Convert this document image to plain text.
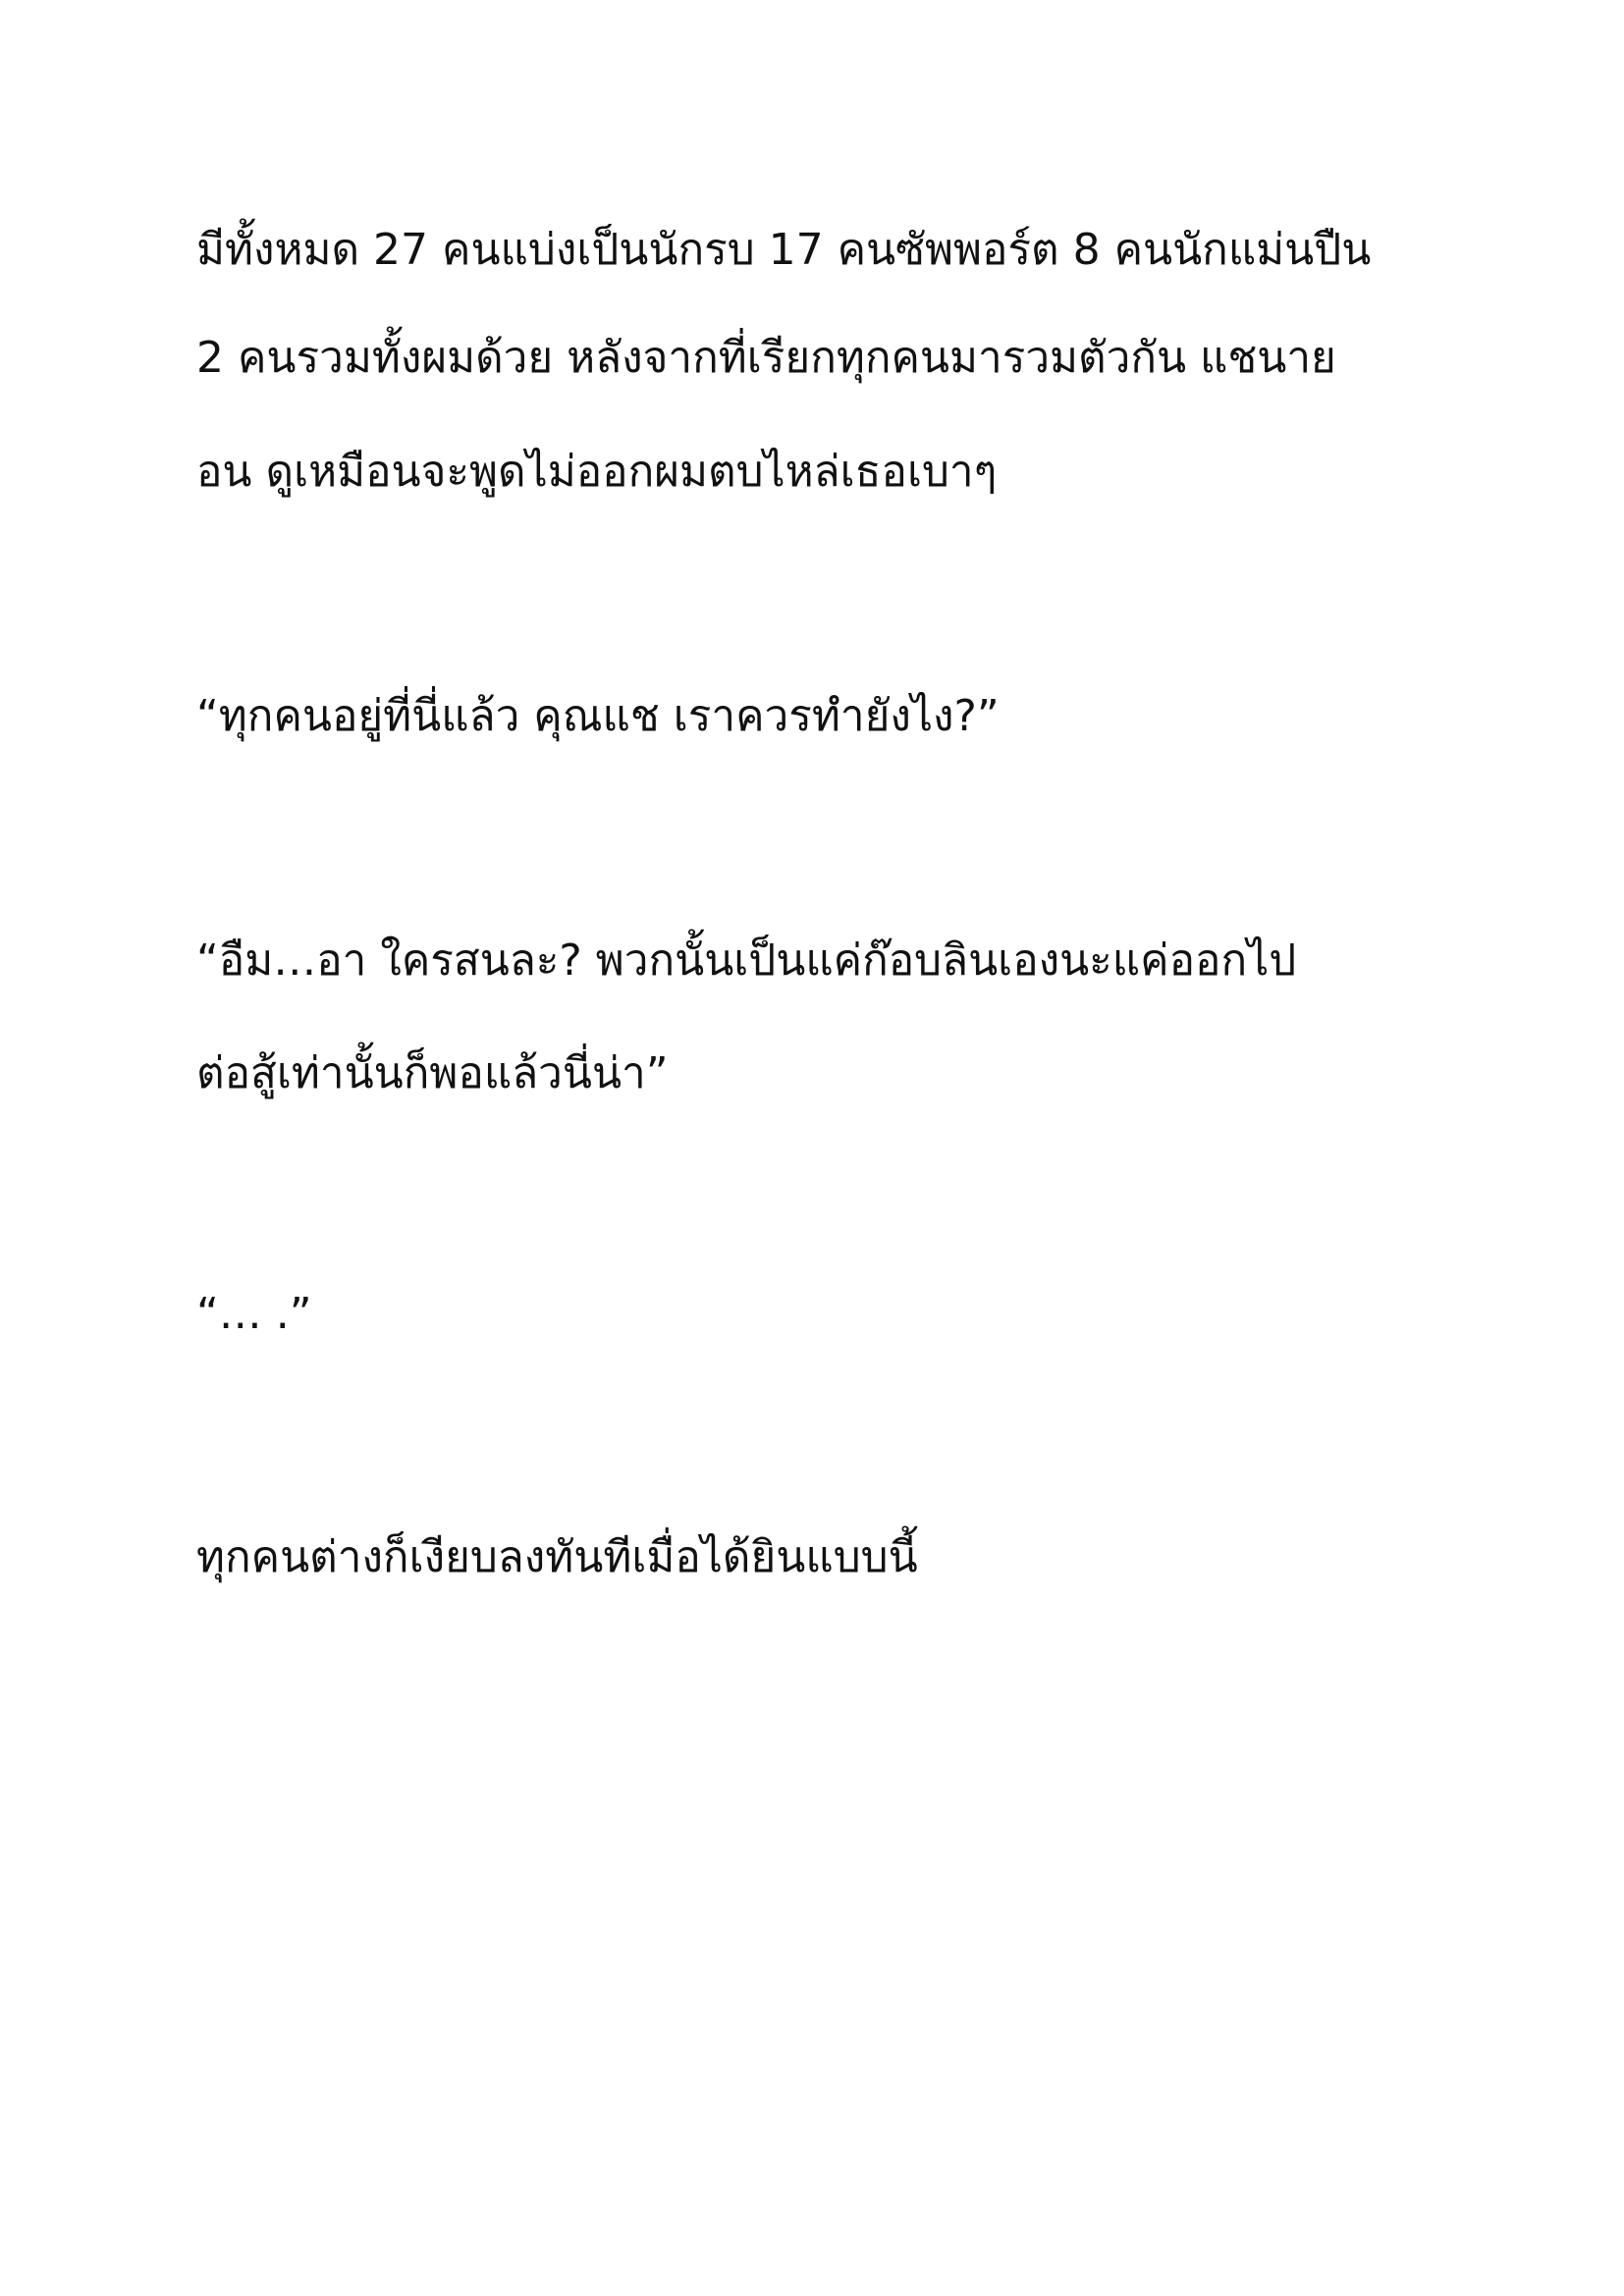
มีทั้งหมด 27 คนแบ่งเป็นนักรบ 17 คนซัพพอร์ต 8 คนนักแม่นปืน

2 คนรวมทั้งผมด้วย หลังจากที่เรียกทุกคนมารวมตัวกัน แชนาย

อน ดูเหมือนจะพูดไม่ออกผมตบไหล่เธอเบาๆ

“ทุกคนอยู่ที่นี่แล้ว คุณแช เราควรทำยังไง?”

“อืม…อา ใครสนละ? พวกนั้นเป็นแค่ก๊อบลินเองนะแค่ออกไป

ต่อสู้เท่านั้นก็พอแล้วนี่น่า”

“… .”

ทุกคนต่างก็เงียบลงทันทีเมื่อได้ยินแบบนี้
